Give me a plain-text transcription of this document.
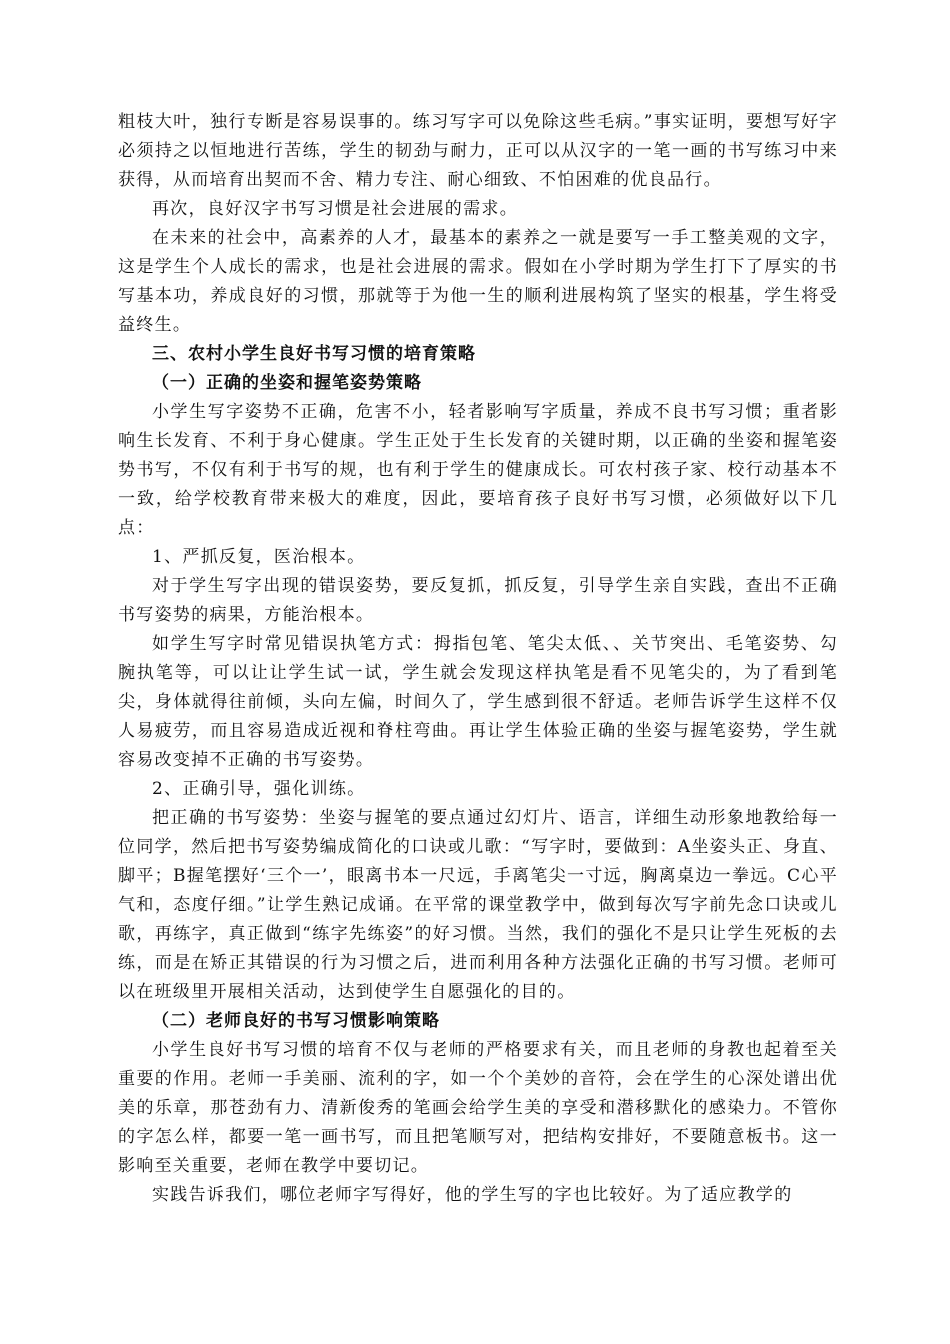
粗枝大叶，独行专断是容易误事的。练习写字可以免除这些毛病。”事实证明，要想写好字必须持之以恒地进行苦练，学生的韧劲与耐力，正可以从汉字的一笔一画的书写练习中来获得，从而培育出契而不舍、精力专注、耐心细致、不怕困难的优良品行。

再次，良好汉字书写习惯是社会进展的需求。

在未来的社会中，高素养的人才，最基本的素养之一就是要写一手工整美观的文字，这是学生个人成长的需求，也是社会进展的需求。假如在小学时期为学生打下了厚实的书写基本功，养成良好的习惯，那就等于为他一生的顺利进展构筑了坚实的根基，学生将受益终生。

三、农村小学生良好书写习惯的培育策略

（一）正确的坐姿和握笔姿势策略

小学生写字姿势不正确，危害不小，轻者影响写字质量，养成不良书写习惯；重者影响生长发育、不利于身心健康。学生正处于生长发育的关键时期，以正确的坐姿和握笔姿势书写，不仅有利于书写的规，也有利于学生的健康成长。可农村孩子家、校行动基本不一致，给学校教育带来极大的难度，因此，要培育孩子良好书写习惯，必须做好以下几点：

1、严抓反复，医治根本。

对于学生写字出现的错误姿势，要反复抓，抓反复，引导学生亲自实践，查出不正确书写姿势的病果，方能治根本。

如学生写字时常见错误执笔方式：拇指包笔、笔尖太低、、关节突出、毛笔姿势、勾腕执笔等，可以让让学生试一试，学生就会发现这样执笔是看不见笔尖的，为了看到笔尖，身体就得往前倾，头向左偏，时间久了，学生感到很不舒适。老师告诉学生这样不仅人易疲劳，而且容易造成近视和脊柱弯曲。再让学生体验正确的坐姿与握笔姿势，学生就容易改变掉不正确的书写姿势。

2、正确引导，强化训练。

把正确的书写姿势：坐姿与握笔的要点通过幻灯片、语言，详细生动形象地教给每一位同学，然后把书写姿势编成简化的口诀或儿歌：“写字时，要做到：A坐姿头正、身直、脚平；B握笔摆好‘三个一’，眼离书本一尺远，手离笔尖一寸远，胸离桌边一拳远。C心平气和，态度仔细。”让学生熟记成诵。在平常的课堂教学中，做到每次写字前先念口诀或儿歌，再练字，真正做到“练字先练姿”的好习惯。当然，我们的强化不是只让学生死板的去练，而是在矫正其错误的行为习惯之后，进而利用各种方法强化正确的书写习惯。老师可以在班级里开展相关活动，达到使学生自愿强化的目的。

（二）老师良好的书写习惯影响策略

小学生良好书写习惯的培育不仅与老师的严格要求有关，而且老师的身教也起着至关重要的作用。老师一手美丽、流利的字，如一个个美妙的音符，会在学生的心深处谱出优美的乐章，那苍劲有力、清新俊秀的笔画会给学生美的享受和潜移默化的感染力。不管你的字怎么样，都要一笔一画书写，而且把笔顺写对，把结构安排好，不要随意板书。这一影响至关重要，老师在教学中要切记。

实践告诉我们，哪位老师字写得好，他的学生写的字也比较好。为了适应教学的
